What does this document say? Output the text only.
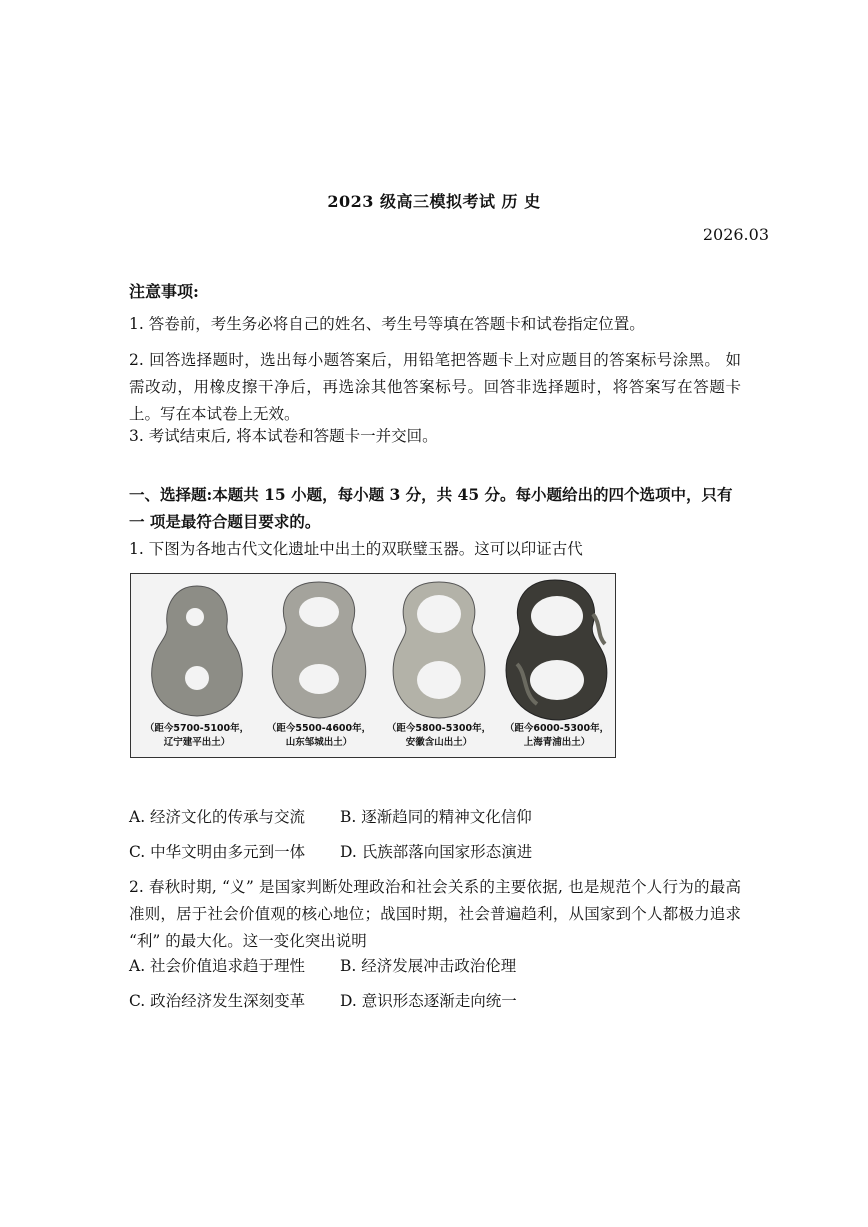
2023 级高三模拟考试 历 史
2026.03
注意事项:
1. 答卷前，考生务必将自己的姓名、考生号等填在答题卡和试卷指定位置。
2. 回答选择题时，选出每小题答案后，用铅笔把答题卡上对应题目的答案标号涂黑。 如需改动，用橡皮擦干净后，再选涂其他答案标号。回答非选择题时，将答案写在答题卡上。写在本试卷上无效。
3. 考试结束后, 将本试卷和答题卡一并交回。
一、选择题:本题共 15 小题，每小题 3 分，共 45 分。每小题给出的四个选项中，只有一 项是最符合题目要求的。
1. 下图为各地古代文化遗址中出土的双联璧玉器。这可以印证古代
（距今5700-5100年，
辽宁建平出土）
（距今5500-4600年，
山东邹城出土）
（距今5800-5300年，
安徽含山出土）
（距今6000-5300年，
上海青浦出土）
A. 经济文化的传承与交流 B. 逐渐趋同的精神文化信仰
C. 中华文明由多元到一体 D. 氏族部落向国家形态演进
2. 春秋时期, “义” 是国家判断处理政治和社会关系的主要依据, 也是规范个人行为的最高准则，居于社会价值观的核心地位；战国时期，社会普遍趋利，从国家到个人都极力追求 “利” 的最大化。这一变化突出说明
A. 社会价值追求趋于理性 B. 经济发展冲击政治伦理
C. 政治经济发生深刻变革 D. 意识形态逐渐走向统一
